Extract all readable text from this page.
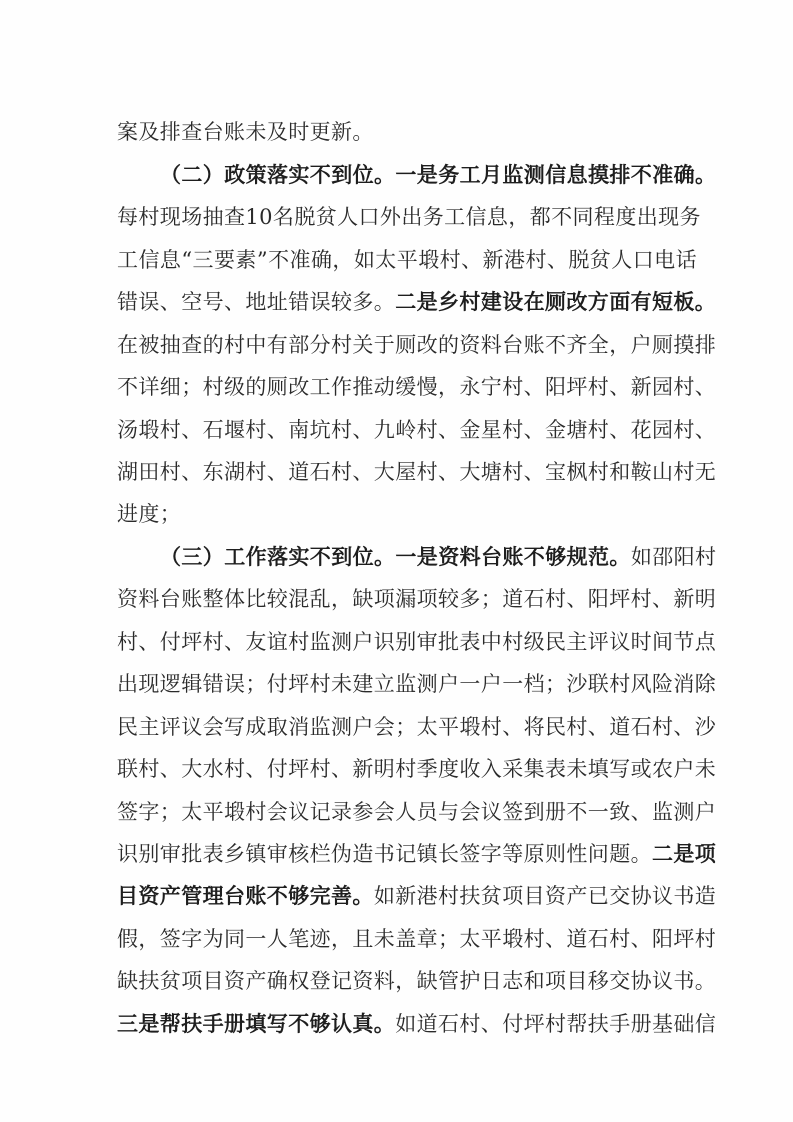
案及排查台账未及时更新。
（二）政策落实不到位。一是务工月监测信息摸排不准确。
每村现场抽查10名脱贫人口外出务工信息，都不同程度出现务
工信息“三要素”不准确，如太平塅村、新港村、脱贫人口电话
错误、空号、地址错误较多。二是乡村建设在厕改方面有短板。
在被抽查的村中有部分村关于厕改的资料台账不齐全，户厕摸排
不详细；村级的厕改工作推动缓慢，永宁村、阳坪村、新园村、
汤塅村、石堰村、南坑村、九岭村、金星村、金塘村、花园村、
湖田村、东湖村、道石村、大屋村、大塘村、宝枫村和鞍山村无
进度；
（三）工作落实不到位。一是资料台账不够规范。如邵阳村
资料台账整体比较混乱，缺项漏项较多；道石村、阳坪村、新明
村、付坪村、友谊村监测户识别审批表中村级民主评议时间节点
出现逻辑错误；付坪村未建立监测户一户一档；沙联村风险消除
民主评议会写成取消监测户会；太平塅村、将民村、道石村、沙
联村、大水村、付坪村、新明村季度收入采集表未填写或农户未
签字；太平塅村会议记录参会人员与会议签到册不一致、监测户
识别审批表乡镇审核栏伪造书记镇长签字等原则性问题。二是项
目资产管理台账不够完善。如新港村扶贫项目资产已交协议书造
假，签字为同一人笔迹，且未盖章；太平塅村、道石村、阳坪村
缺扶贫项目资产确权登记资料，缺管护日志和项目移交协议书。
三是帮扶手册填写不够认真。如道石村、付坪村帮扶手册基础信
